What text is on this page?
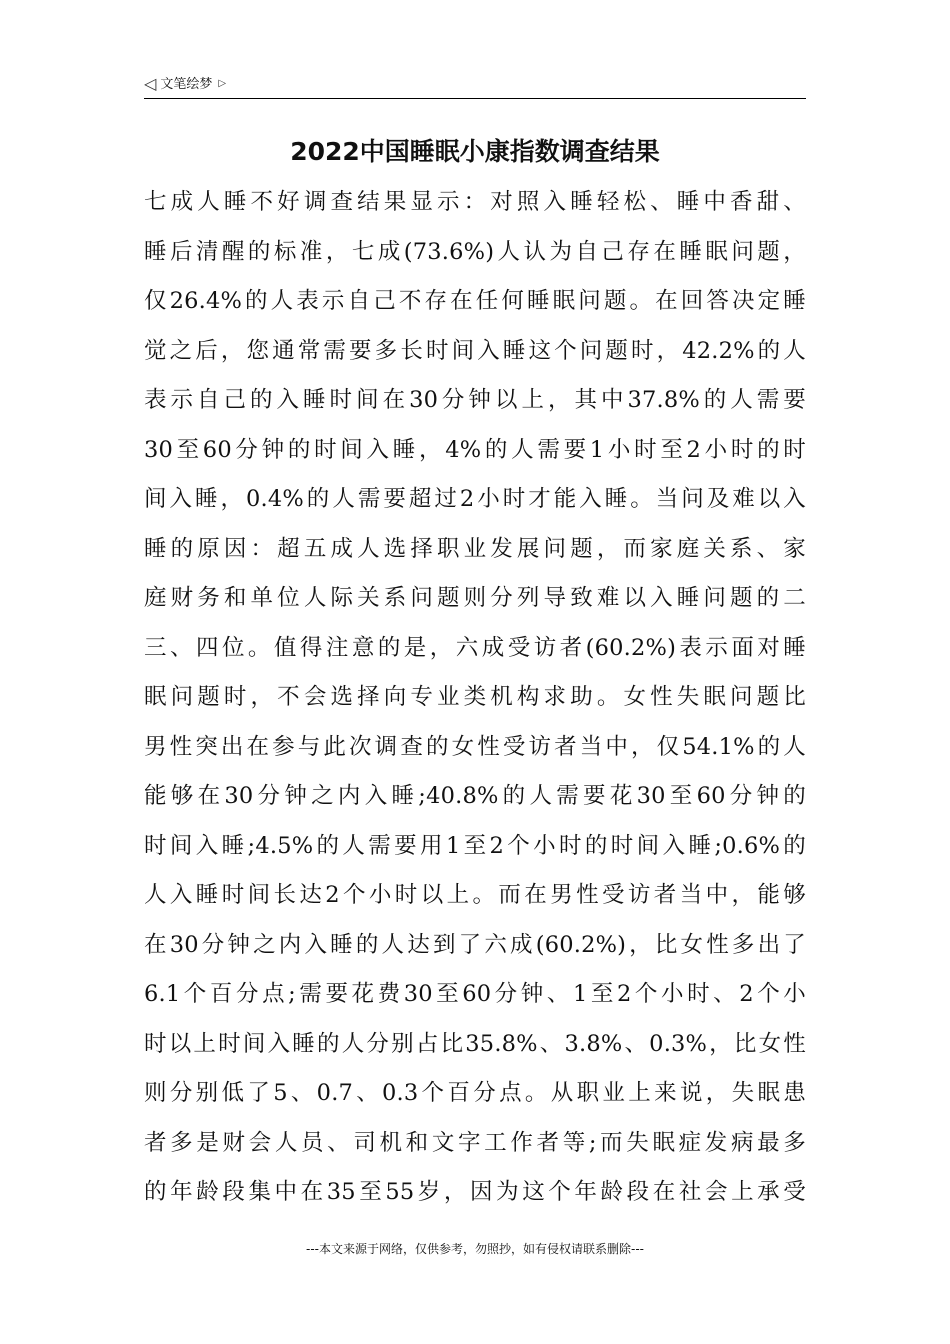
◁ 文笔绘梦 ▷
2022中国睡眠小康指数调查结果
七成人睡不好调查结果显示：对照入睡轻松、睡中香甜、
睡后清醒的标准，七成(73.6%)人认为自己存在睡眠问题，
仅26.4%的人表示自己不存在任何睡眠问题。在回答决定睡
觉之后，您通常需要多长时间入睡这个问题时，42.2%的人
表示自己的入睡时间在30分钟以上，其中37.8%的人需要
30至60分钟的时间入睡，4%的人需要1小时至2小时的时
间入睡，0.4%的人需要超过2小时才能入睡。当问及难以入
睡的原因：超五成人选择职业发展问题，而家庭关系、家
庭财务和单位人际关系问题则分列导致难以入睡问题的二
三、四位。值得注意的是，六成受访者(60.2%)表示面对睡
眠问题时，不会选择向专业类机构求助。女性失眠问题比
男性突出在参与此次调查的女性受访者当中，仅54.1%的人
能够在30分钟之内入睡;40.8%的人需要花30至60分钟的
时间入睡;4.5%的人需要用1至2个小时的时间入睡;0.6%的
人入睡时间长达2个小时以上。而在男性受访者当中，能够
在30分钟之内入睡的人达到了六成(60.2%)，比女性多出了
6.1个百分点;需要花费30至60分钟、1至2个小时、2个小
时以上时间入睡的人分别占比35.8%、3.8%、0.3%，比女性
则分别低了5、0.7、0.3个百分点。从职业上来说，失眠患
者多是财会人员、司机和文字工作者等;而失眠症发病最多
的年龄段集中在35至55岁，因为这个年龄段在社会上承受
---本文来源于网络，仅供参考，勿照抄，如有侵权请联系删除---
